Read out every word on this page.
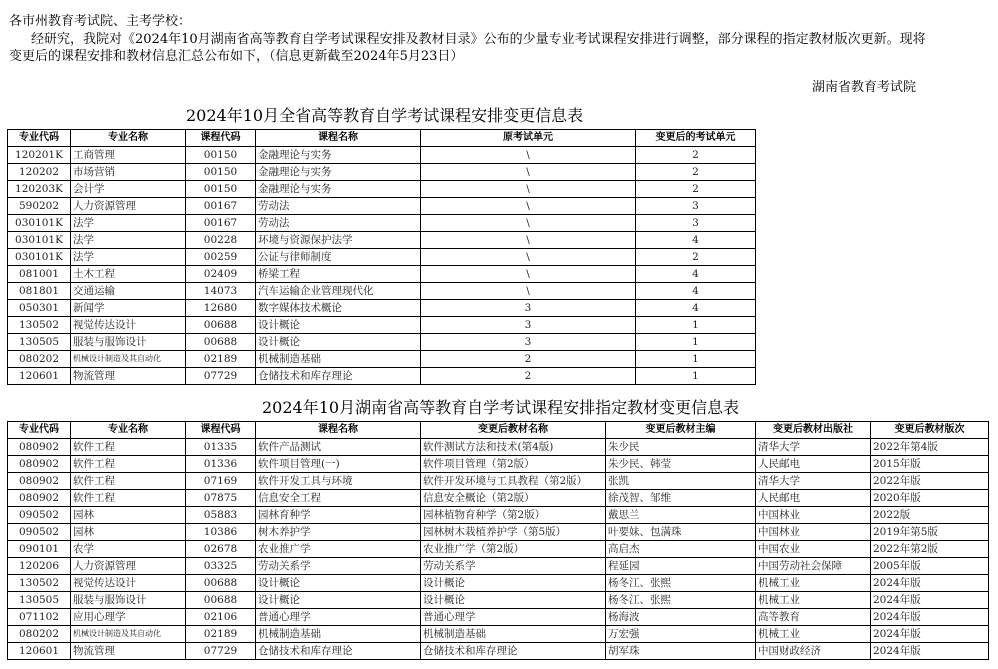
各市州教育考试院、主考学校：
经研究，我院对《2024年10月湖南省高等教育自学考试课程安排及教材目录》公布的少量专业考试课程安排进行调整，部分课程的指定教材版次更新。现将
变更后的课程安排和教材信息汇总公布如下，（信息更新截至2024年5月23日）
湖南省教育考试院
2024年10月全省高等教育自学考试课程安排变更信息表
专业代码	专业名称	课程代码	课程名称	原考试单元	变更后的考试单元
120201K	工商管理	00150	金融理论与实务	\	2
120202	市场营销	00150	金融理论与实务	\	2
120203K	会计学	00150	金融理论与实务	\	2
590202	人力资源管理	00167	劳动法	\	3
030101K	法学	00167	劳动法	\	3
030101K	法学	00228	环境与资源保护法学	\	4
030101K	法学	00259	公证与律师制度	\	2
081001	土木工程	02409	桥梁工程	\	4
081801	交通运输	14073	汽车运输企业管理现代化	\	4
050301	新闻学	12680	数字媒体技术概论	3	4
130502	视觉传达设计	00688	设计概论	3	1
130505	服装与服饰设计	00688	设计概论	3	1
080202	机械设计制造及其自动化	02189	机械制造基础	2	1
120601	物流管理	07729	仓储技术和库存理论	2	1
2024年10月湖南省高等教育自学考试课程安排指定教材变更信息表
专业代码	专业名称	课程代码	课程名称	变更后教材名称	变更后教材主编	变更后教材出版社	变更后教材版次
080902	软件工程	01335	软件产品测试	软件测试方法和技术(第4版)	朱少民	清华大学	2022年第4版
080902	软件工程	01336	软件项目管理(一)	软件项目管理（第2版）	朱少民、韩莹	人民邮电	2015年版
080902	软件工程	07169	软件开发工具与环境	软件开发环境与工具教程（第2版）	张凯	清华大学	2022年版
080902	软件工程	07875	信息安全工程	信息安全概论（第2版）	徐茂智、邹维	人民邮电	2020年版
090502	园林	05883	园林育种学	园林植物育种学（第2版）	戴思兰	中国林业	2022版
090502	园林	10386	树木养护学	园林树木栽植养护学（第5版）	叶要妹、包满珠	中国林业	2019年第5版
090101	农学	02678	农业推广学	农业推广学（第2版）	高启杰	中国农业	2022年第2版
120206	人力资源管理	03325	劳动关系学	劳动关系学	程延园	中国劳动社会保障	2005年版
130502	视觉传达设计	00688	设计概论	设计概论	杨冬江、张熙	机械工业	2024年版
130505	服装与服饰设计	00688	设计概论	设计概论	杨冬江、张熙	机械工业	2024年版
071102	应用心理学	02106	普通心理学	普通心理学	杨海波	高等教育	2024年版
080202	机械设计制造及其自动化	02189	机械制造基础	机械制造基础	万宏强	机械工业	2024年版
120601	物流管理	07729	仓储技术和库存理论	仓储技术和库存理论	胡军珠	中国财政经济	2024年版
